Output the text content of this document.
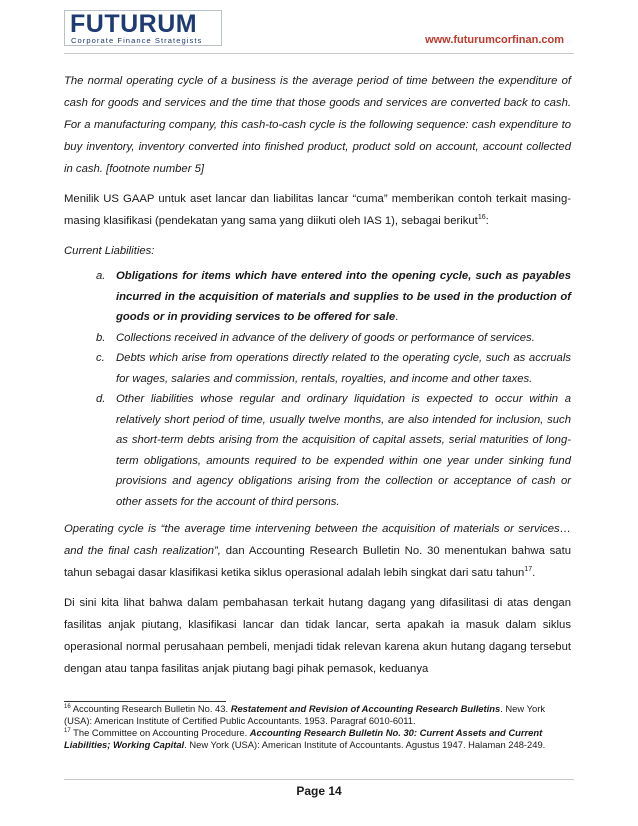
FUTURUM
Corporate Finance Strategists	www.futurumcorfinan.com

The normal operating cycle of a business is the average period of time between the expenditure of cash for goods and services and the time that those goods and services are converted back to cash. For a manufacturing company, this cash-to-cash cycle is the following sequence: cash expenditure to buy inventory, inventory converted into finished product, product sold on account, account collected in cash. [footnote number 5]

Menilik US GAAP untuk aset lancar dan liabilitas lancar “cuma” memberikan contoh terkait masing-masing klasifikasi (pendekatan yang sama yang diikuti oleh IAS 1), sebagai berikut$^{16}$:

Current Liabilities:

a. Obligations for items which have entered into the opening cycle, such as payables incurred in the acquisition of materials and supplies to be used in the production of goods or in providing services to be offered for sale.
b. Collections received in advance of the delivery of goods or performance of services.
c. Debts which arise from operations directly related to the operating cycle, such as accruals for wages, salaries and commission, rentals, royalties, and income and other taxes.
d. Other liabilities whose regular and ordinary liquidation is expected to occur within a relatively short period of time, usually twelve months, are also intended for inclusion, such as short-term debts arising from the acquisition of capital assets, serial maturities of long-term obligations, amounts required to be expended within one year under sinking fund provisions and agency obligations arising from the collection or acceptance of cash or other assets for the account of third persons.

Operating cycle is “the average time intervening between the acquisition of materials or services…and the final cash realization”, dan Accounting Research Bulletin No. 30 menentukan bahwa satu tahun sebagai dasar klasifikasi ketika siklus operasional adalah lebih singkat dari satu tahun$^{17}$.

Di sini kita lihat bahwa dalam pembahasan terkait hutang dagang yang difasilitasi di atas dengan fasilitas anjak piutang, klasifikasi lancar dan tidak lancar, serta apakah ia masuk dalam siklus operasional normal perusahaan pembeli, menjadi tidak relevan karena akun hutang dagang tersebut dengan atau tanpa fasilitas anjak piutang bagi pihak pemasok, keduanya

$^{16}$ Accounting Research Bulletin No. 43. Restatement and Revision of Accounting Research Bulletins. New York (USA): American Institute of Certified Public Accountants. 1953. Paragraf 6010-6011.

$^{17}$ The Committee on Accounting Procedure. Accounting Research Bulletin No. 30: Current Assets and Current Liabilities; Working Capital. New York (USA): American Institute of Accountants. Agustus 1947. Halaman 248-249.

Page 14
